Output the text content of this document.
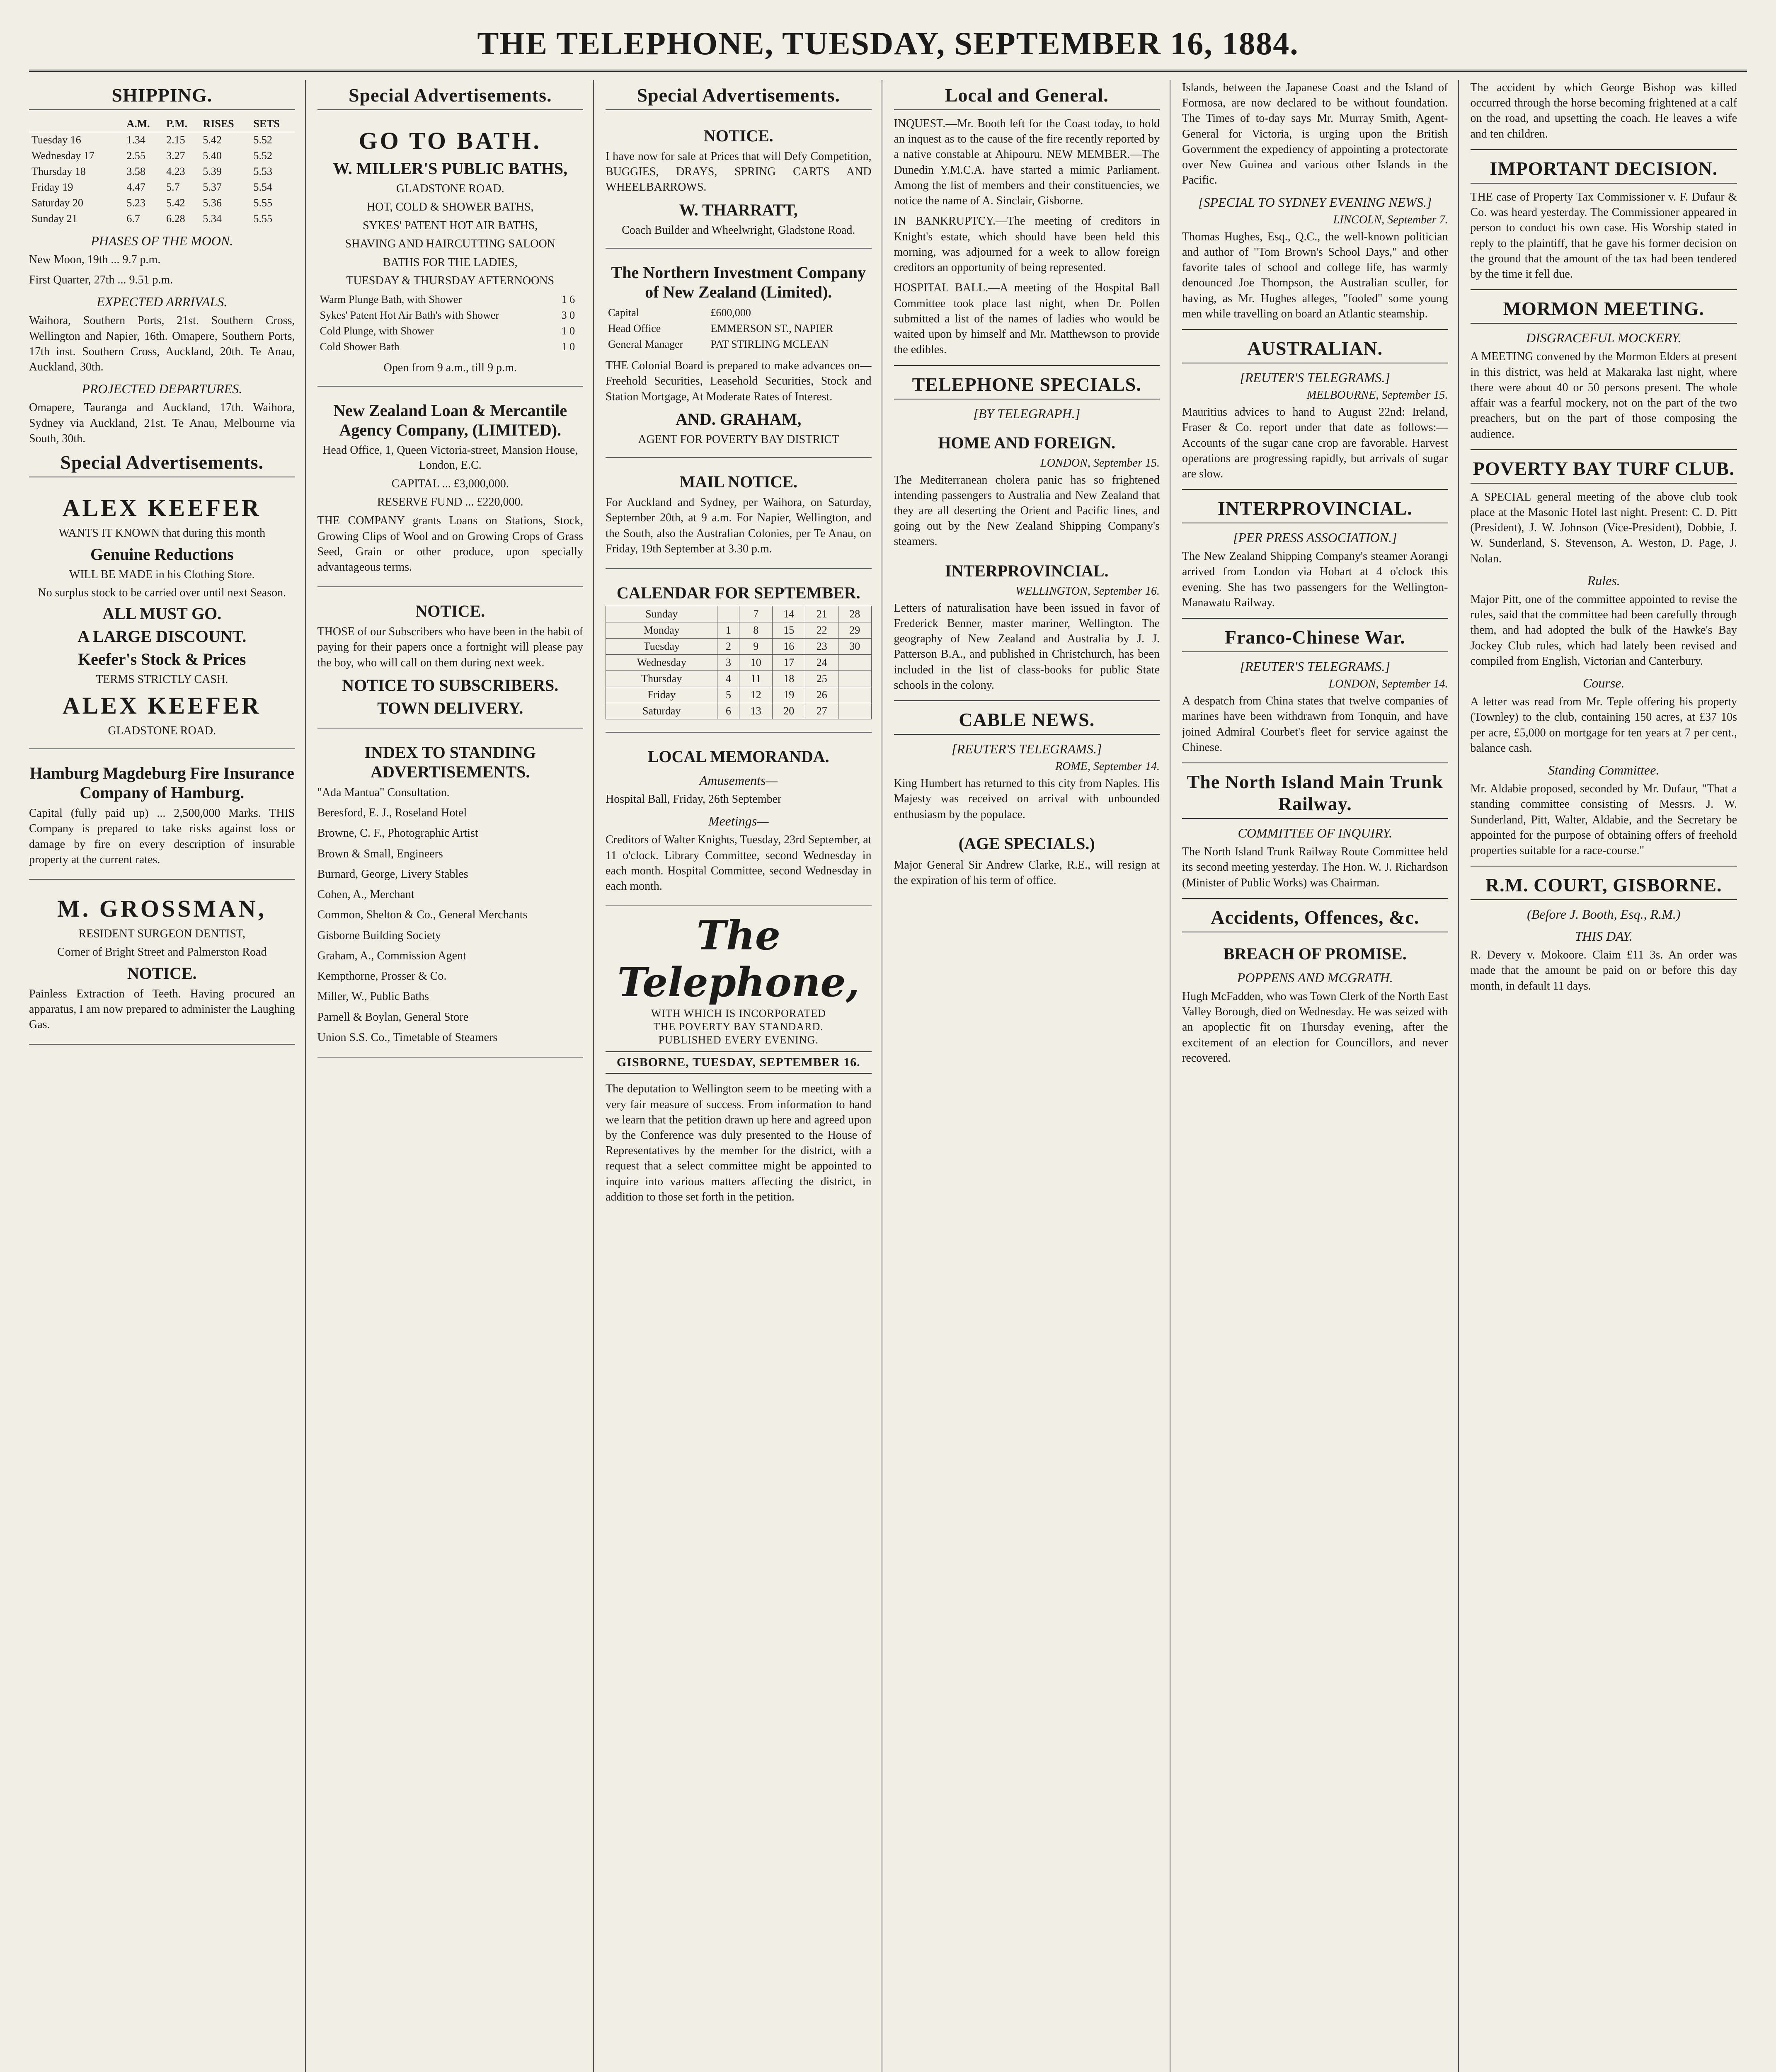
THE TELEPHONE, TUESDAY, SEPTEMBER 16, 1884.
SHIPPING.
	A.M.	P.M.	RISES	SETS
Tuesday 16	1.34	2.15	5.42	5.52
Wednesday 17	2.55	3.27	5.40	5.52
Thursday 18	3.58	4.23	5.39	5.53
Friday 19	4.47	5.7	5.37	5.54
Saturday 20	5.23	5.42	5.36	5.55
Sunday 21	6.7	6.28	5.34	5.55
PHASES OF THE MOON.

New Moon, 19th ... 9.7 p.m.

First Quarter, 27th ... 9.51 p.m.

EXPECTED ARRIVALS.

Waihora, Southern Ports, 21st. Southern Cross, Wellington and Napier, 16th. Omapere, Southern Ports, 17th inst. Southern Cross, Auckland, 20th. Te Anau, Auckland, 30th.

PROJECTED DEPARTURES.

Omapere, Tauranga and Auckland, 17th. Waihora, Sydney via Auckland, 21st. Te Anau, Melbourne via South, 30th.

Special Advertisements.
ALEX KEEFER
WANTS IT KNOWN that during this month
Genuine Reductions
WILL BE MADE in his Clothing Store.
No surplus stock to be carried over until next Season.
ALL MUST GO.
A LARGE DISCOUNT.
Keefer's Stock & Prices
TERMS STRICTLY CASH.
ALEX KEEFER
GLADSTONE ROAD.
Hamburg Magdeburg Fire Insurance Company of Hamburg.

Capital (fully paid up) ... 2,500,000 Marks. THIS Company is prepared to take risks against loss or damage by fire on every description of insurable property at the current rates.

M. GROSSMAN,
RESIDENT SURGEON DENTIST,
Corner of Bright Street and Palmerston Road
NOTICE.

Painless Extraction of Teeth. Having procured an apparatus, I am now prepared to administer the Laughing Gas.

Special Advertisements.
GO TO BATH.
W. MILLER'S PUBLIC BATHS,
GLADSTONE ROAD.
HOT, COLD & SHOWER BATHS,
SYKES' PATENT HOT AIR BATHS,
SHAVING AND HAIRCUTTING SALOON
BATHS FOR THE LADIES,
TUESDAY & THURSDAY AFTERNOONS
Warm Plunge Bath, with Shower	1 6
Sykes' Patent Hot Air Bath's with Shower	3 0
Cold Plunge, with Shower	1 0
Cold Shower Bath	1 0
Open from 9 a.m., till 9 p.m.
New Zealand Loan & Mercantile Agency Company, (LIMITED).
Head Office, 1, Queen Victoria-street, Mansion House, London, E.C.
CAPITAL ... £3,000,000.
RESERVE FUND ... £220,000.

THE COMPANY grants Loans on Stations, Stock, Growing Clips of Wool and on Growing Crops of Grass Seed, Grain or other produce, upon specially advantageous terms.

NOTICE.

THOSE of our Subscribers who have been in the habit of paying for their papers once a fortnight will please pay the boy, who will call on them during next week.

NOTICE TO SUBSCRIBERS.
TOWN DELIVERY.
INDEX TO STANDING ADVERTISEMENTS.

"Ada Mantua" Consultation.

Beresford, E. J., Roseland Hotel

Browne, C. F., Photographic Artist

Brown & Small, Engineers

Burnard, George, Livery Stables

Cohen, A., Merchant

Common, Shelton & Co., General Merchants

Gisborne Building Society

Graham, A., Commission Agent

Kempthorne, Prosser & Co.

Miller, W., Public Baths

Parnell & Boylan, General Store

Union S.S. Co., Timetable of Steamers

Special Advertisements.
NOTICE.

I have now for sale at Prices that will Defy Competition, BUGGIES, DRAYS, SPRING CARTS AND WHEELBARROWS.

W. THARRATT,
Coach Builder and Wheelwright, Gladstone Road.
The Northern Investment Company of New Zealand (Limited).
Capital	£600,000
Head Office	EMMERSON ST., NAPIER
General Manager	PAT STIRLING MCLEAN

THE Colonial Board is prepared to make advances on— Freehold Securities, Leasehold Securities, Stock and Station Mortgage, At Moderate Rates of Interest.

AND. GRAHAM,
AGENT FOR POVERTY BAY DISTRICT
MAIL NOTICE.

For Auckland and Sydney, per Waihora, on Saturday, September 20th, at 9 a.m. For Napier, Wellington, and the South, also the Australian Colonies, per Te Anau, on Friday, 19th September at 3.30 p.m.

CALENDAR FOR SEPTEMBER.
Sunday		7	14	21	28
Monday	1	8	15	22	29
Tuesday	2	9	16	23	30
Wednesday	3	10	17	24	
Thursday	4	11	18	25	
Friday	5	12	19	26	
Saturday	6	13	20	27	
LOCAL MEMORANDA.
Amusements—

Hospital Ball, Friday, 26th September

Meetings—

Creditors of Walter Knights, Tuesday, 23rd September, at 11 o'clock. Library Committee, second Wednesday in each month. Hospital Committee, second Wednesday in each month.

The Telephone,
WITH WHICH IS INCORPORATED
THE POVERTY BAY STANDARD.
PUBLISHED EVERY EVENING.
GISBORNE, TUESDAY, SEPTEMBER 16.

The deputation to Wellington seem to be meeting with a very fair measure of success. From information to hand we learn that the petition drawn up here and agreed upon by the Conference was duly presented to the House of Representatives by the member for the district, with a request that a select committee might be appointed to inquire into various matters affecting the district, in addition to those set forth in the petition.

Local and General.

INQUEST.—Mr. Booth left for the Coast today, to hold an inquest as to the cause of the fire recently reported by a native constable at Ahipouru. NEW MEMBER.—The Dunedin Y.M.C.A. have started a mimic Parliament. Among the list of members and their constituencies, we notice the name of A. Sinclair, Gisborne.

IN BANKRUPTCY.—The meeting of creditors in Knight's estate, which should have been held this morning, was adjourned for a week to allow foreign creditors an opportunity of being represented.

HOSPITAL BALL.—A meeting of the Hospital Ball Committee took place last night, when Dr. Pollen submitted a list of the names of ladies who would be waited upon by himself and Mr. Matthewson to provide the edibles.

TELEPHONE SPECIALS.
[BY TELEGRAPH.]
HOME AND FOREIGN.
LONDON, September 15.

The Mediterranean cholera panic has so frightened intending passengers to Australia and New Zealand that they are all deserting the Orient and Pacific lines, and going out by the New Zealand Shipping Company's steamers.

INTERPROVINCIAL.
WELLINGTON, September 16.

Letters of naturalisation have been issued in favor of Frederick Benner, master mariner, Wellington. The geography of New Zealand and Australia by J. J. Patterson B.A., and published in Christchurch, has been included in the list of class-books for public State schools in the colony.

CABLE NEWS.
[REUTER'S TELEGRAMS.]
ROME, September 14.

King Humbert has returned to this city from Naples. His Majesty was received on arrival with unbounded enthusiasm by the populace.

(AGE SPECIALS.)

Major General Sir Andrew Clarke, R.E., will resign at the expiration of his term of office.

Islands, between the Japanese Coast and the Island of Formosa, are now declared to be without foundation. The Times of to-day says Mr. Murray Smith, Agent-General for Victoria, is urging upon the British Government the expediency of appointing a protectorate over New Guinea and various other Islands in the Pacific.

[SPECIAL TO SYDNEY EVENING NEWS.]
LINCOLN, September 7.

Thomas Hughes, Esq., Q.C., the well-known politician and author of "Tom Brown's School Days," and other favorite tales of school and college life, has warmly denounced Joe Thompson, the Australian sculler, for having, as Mr. Hughes alleges, "fooled" some young men while travelling on board an Atlantic steamship.

AUSTRALIAN.
[REUTER'S TELEGRAMS.]
MELBOURNE, September 15.

Mauritius advices to hand to August 22nd: Ireland, Fraser & Co. report under that date as follows:—Accounts of the sugar cane crop are favorable. Harvest operations are progressing rapidly, but arrivals of sugar are slow.

INTERPROVINCIAL.
[PER PRESS ASSOCIATION.]

The New Zealand Shipping Company's steamer Aorangi arrived from London via Hobart at 4 o'clock this evening. She has two passengers for the Wellington-Manawatu Railway.

Franco-Chinese War.
[REUTER'S TELEGRAMS.]
LONDON, September 14.

A despatch from China states that twelve companies of marines have been withdrawn from Tonquin, and have joined Admiral Courbet's fleet for service against the Chinese.

The North Island Main Trunk Railway.
COMMITTEE OF INQUIRY.

The North Island Trunk Railway Route Committee held its second meeting yesterday. The Hon. W. J. Richardson (Minister of Public Works) was Chairman.

Accidents, Offences, &c.
BREACH OF PROMISE.
POPPENS AND MCGRATH.

Hugh McFadden, who was Town Clerk of the North East Valley Borough, died on Wednesday. He was seized with an apoplectic fit on Thursday evening, after the excitement of an election for Councillors, and never recovered.

The accident by which George Bishop was killed occurred through the horse becoming frightened at a calf on the road, and upsetting the coach. He leaves a wife and ten children.

IMPORTANT DECISION.

THE case of Property Tax Commissioner v. F. Dufaur & Co. was heard yesterday. The Commissioner appeared in person to conduct his own case. His Worship stated in reply to the plaintiff, that he gave his former decision on the ground that the amount of the tax had been tendered by the time it fell due.

MORMON MEETING.
DISGRACEFUL MOCKERY.

A MEETING convened by the Mormon Elders at present in this district, was held at Makaraka last night, where there were about 40 or 50 persons present. The whole affair was a fearful mockery, not on the part of the two preachers, but on the part of those composing the audience.

POVERTY BAY TURF CLUB.

A SPECIAL general meeting of the above club took place at the Masonic Hotel last night. Present: C. D. Pitt (President), J. W. Johnson (Vice-President), Dobbie, J. W. Sunderland, S. Stevenson, A. Weston, D. Page, J. Nolan.

Rules.

Major Pitt, one of the committee appointed to revise the rules, said that the committee had been carefully through them, and had adopted the bulk of the Hawke's Bay Jockey Club rules, which had lately been revised and compiled from English, Victorian and Canterbury.

Course.

A letter was read from Mr. Teple offering his property (Townley) to the club, containing 150 acres, at £37 10s per acre, £5,000 on mortgage for ten years at 7 per cent., balance cash.

Standing Committee.

Mr. Aldabie proposed, seconded by Mr. Dufaur, "That a standing committee consisting of Messrs. J. W. Sunderland, Pitt, Walter, Aldabie, and the Secretary be appointed for the purpose of obtaining offers of freehold properties suitable for a race-course."

R.M. COURT, GISBORNE.
(Before J. Booth, Esq., R.M.)
THIS DAY.

R. Devery v. Mokoore. Claim £11 3s. An order was made that the amount be paid on or before this day month, in default 11 days.
